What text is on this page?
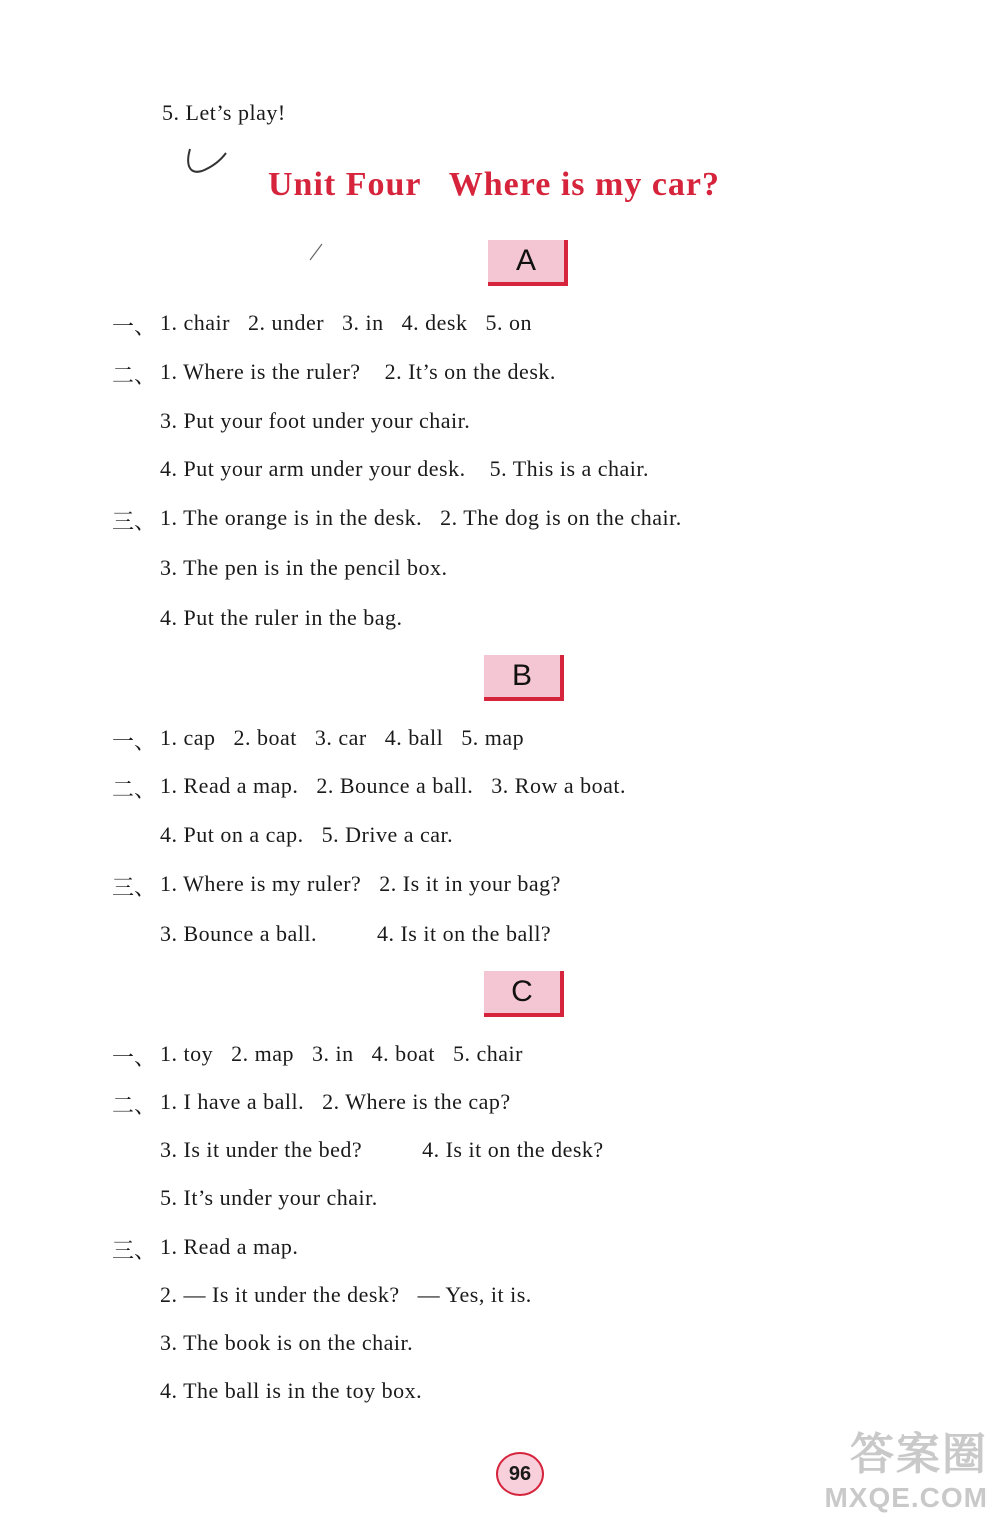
5. Let’s play!
Unit Four   Where is my car?
A
一、 1. chair   2. under   3. in   4. desk   5. on
二、 1. Where is the ruler?    2. It’s on the desk.
3. Put your foot under your chair.
4. Put your arm under your desk.    5. This is a chair.
三、 1. The orange is in the desk.   2. The dog is on the chair.
3. The pen is in the pencil box.
4. Put the ruler in the bag.
B
一、 1. cap   2. boat   3. car   4. ball   5. map
二、 1. Read a map.   2. Bounce a ball.   3. Row a boat.
4. Put on a cap.   5. Drive a car.
三、 1. Where is my ruler?   2. Is it in your bag?
3. Bounce a ball.          4. Is it on the ball?
C
一、 1. toy   2. map   3. in   4. boat   5. chair
二、 1. I have a ball.   2. Where is the cap?
3. Is it under the bed?          4. Is it on the desk?
5. It’s under your chair.
三、 1. Read a map.
2. — Is it under the desk?   — Yes, it is.
3. The book is on the chair.
4. The ball is in the toy box.
96	答案圈
MXQE.COM
